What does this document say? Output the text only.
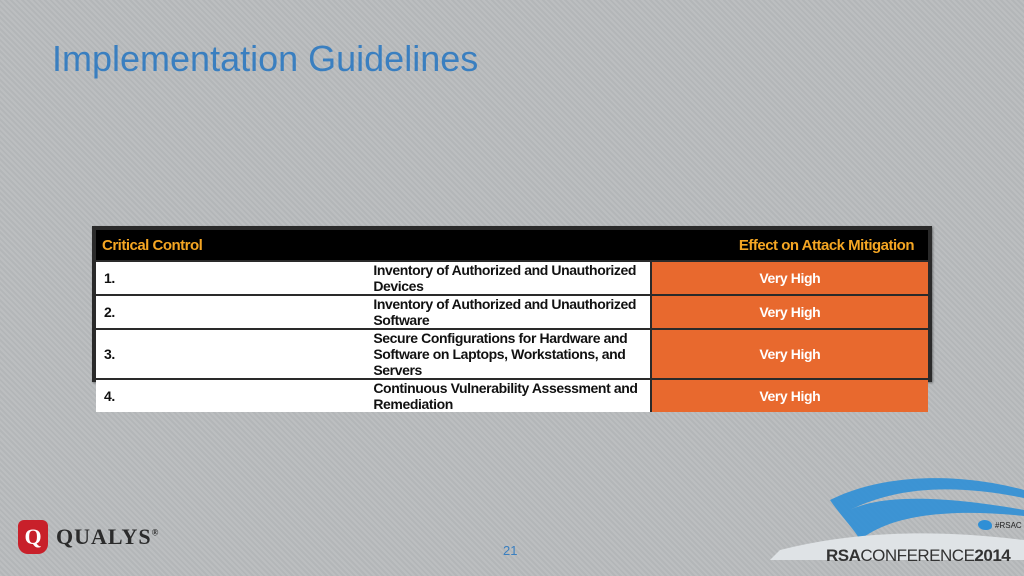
Implementation Guidelines
Critical Control		Effect on Attack Mitigation
1.	Inventory of Authorized and Unauthorized Devices	Very High
2.	Inventory of Authorized and Unauthorized Software	Very High
3.	Secure Configurations for Hardware and Software on Laptops, Workstations, and Servers	Very High
4.	Continuous Vulnerability Assessment and Remediation	Very High
Q QUALYS®
21
#RSAC
RSACONFERENCE2014
